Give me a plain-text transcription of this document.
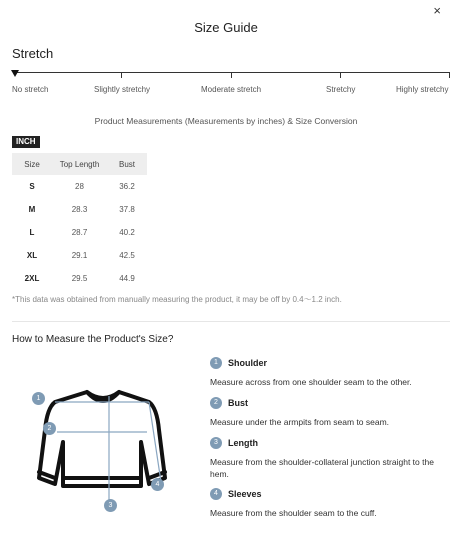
×
Size Guide
Stretch
No stretch	Slightly stretchy	Moderate stretch	Stretchy	Highly stretchy
Product Measurements (Measurements by inches) & Size Conversion
INCH
Size	Top Length	Bust
S	28	36.2
M	28.3	37.8
L	28.7	40.2
XL	29.1	42.5
2XL	29.5	44.9
*This data was obtained from manually measuring the product, it may be off by 0.4～1.2 inch.
How to Measure the Product's Size?
1
2
3
4
1	Shoulder
Measure across from one shoulder seam to the other.
2	Bust
Measure under the armpits from seam to seam.
3	Length
Measure from the shoulder-collateral junction straight to the hem.
4	Sleeves
Measure from the shoulder seam to the cuff.
